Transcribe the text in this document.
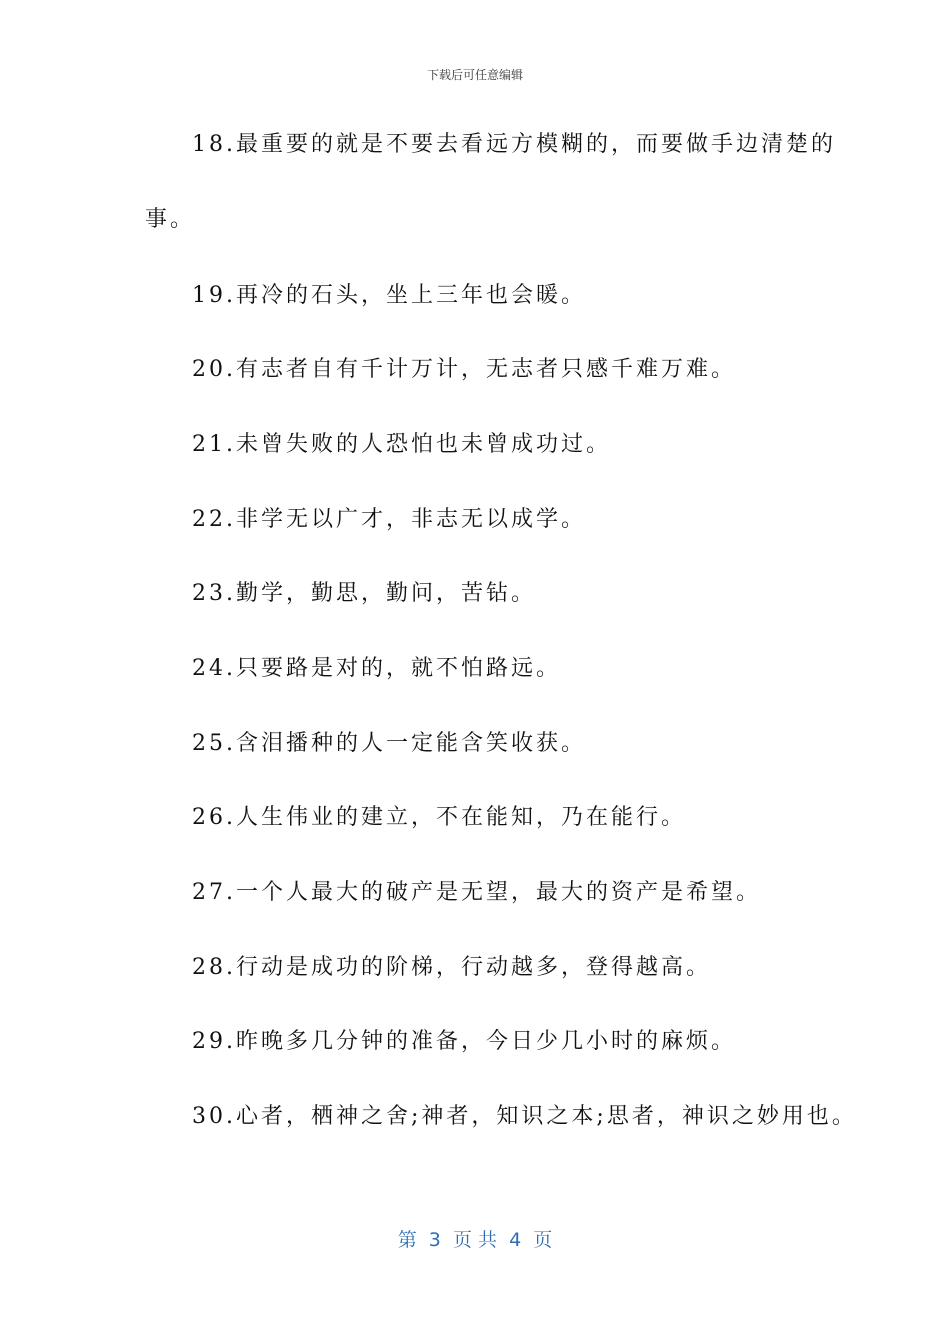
下载后可任意编辑
18.最重要的就是不要去看远方模糊的，而要做手边清楚的
事。
19.再冷的石头，坐上三年也会暖。
20.有志者自有千计万计，无志者只感千难万难。
21.未曾失败的人恐怕也未曾成功过。
22.非学无以广才，非志无以成学。
23.勤学，勤思，勤问，苦钻。
24.只要路是对的，就不怕路远。
25.含泪播种的人一定能含笑收获。
26.人生伟业的建立，不在能知，乃在能行。
27.一个人最大的破产是无望，最大的资产是希望。
28.行动是成功的阶梯，行动越多，登得越高。
29.昨晚多几分钟的准备，今日少几小时的麻烦。
30.心者，栖神之舍;神者，知识之本;思者，神识之妙用也。
第  3  页 共  4  页
